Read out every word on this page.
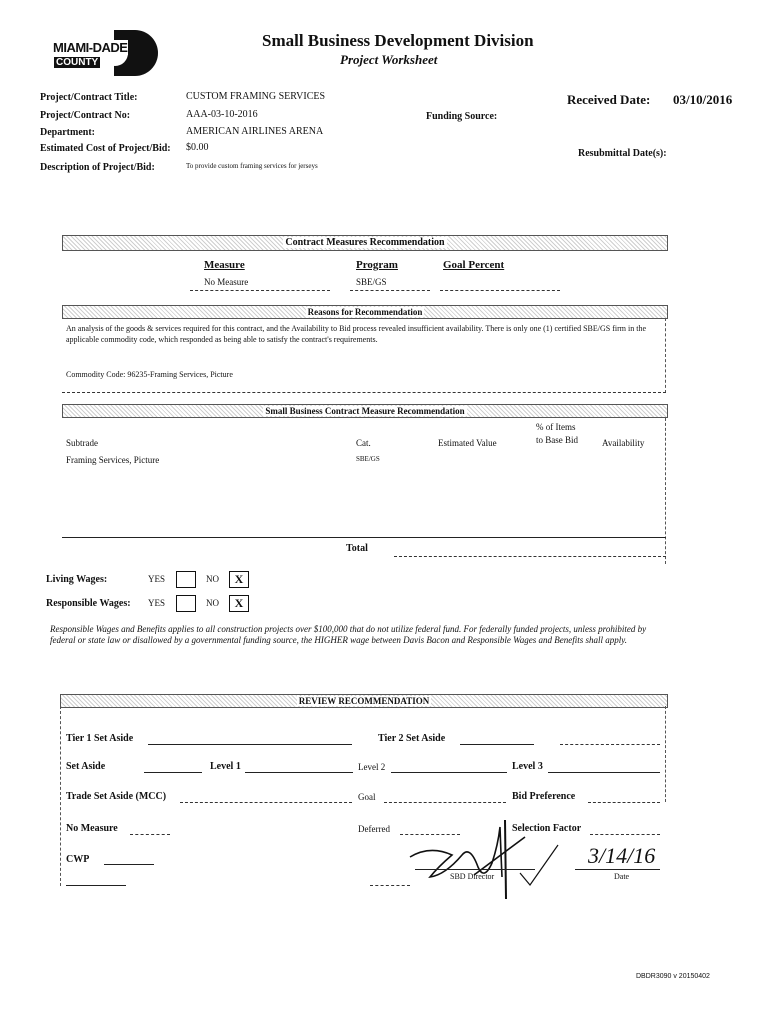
MIAMI-DADE
COUNTY
Small Business Development Division
Project Worksheet
Project/Contract Title:	CUSTOM FRAMING SERVICES
Project/Contract No:	AAA-03-10-2016
Department:	AMERICAN AIRLINES ARENA
Estimated Cost of Project/Bid: $0.00
Description of Project/Bid:	To provide custom framing services for jerseys
Funding Source:
Received Date: 03/10/2016
Resubmittal Date(s):
Contract Measures Recommendation
Measure	Program	Goal Percent
No Measure	SBE/GS
Reasons for Recommendation
An analysis of the goods & services required for this contract, and the Availability to Bid process revealed insufficient availability. There is only one (1) certified SBE/GS firm in the applicable commodity code, which responded as being able to satisfy the contract's requirements.
Commodity Code: 96235-Framing Services, Picture
Small Business Contract Measure Recommendation
Subtrade	Cat.	Estimated Value
% of Items
to Base Bid	Availability
Framing Services, Picture	SBE/GS
Total
Living Wages:	YES	NO	X
Responsible Wages: YES	NO	X
Responsible Wages and Benefits applies to all construction projects over $100,000 that do not utilize federal fund. For federally funded projects, unless prohibited by federal or state law or disallowed by a governmental funding source, the HIGHER wage between Davis Bacon and Responsible Wages and Benefits shall apply.
REVIEW RECOMMENDATION
Tier 1 Set Aside	Tier 2 Set Aside
Set Aside	Level 1	Level 2	Level 3
Trade Set Aside (MCC)	Goal	Bid Preference
No Measure	Deferred	Selection Factor
CWP	3/14/16
SBD Director	Date
DBDR3090 v 20150402
